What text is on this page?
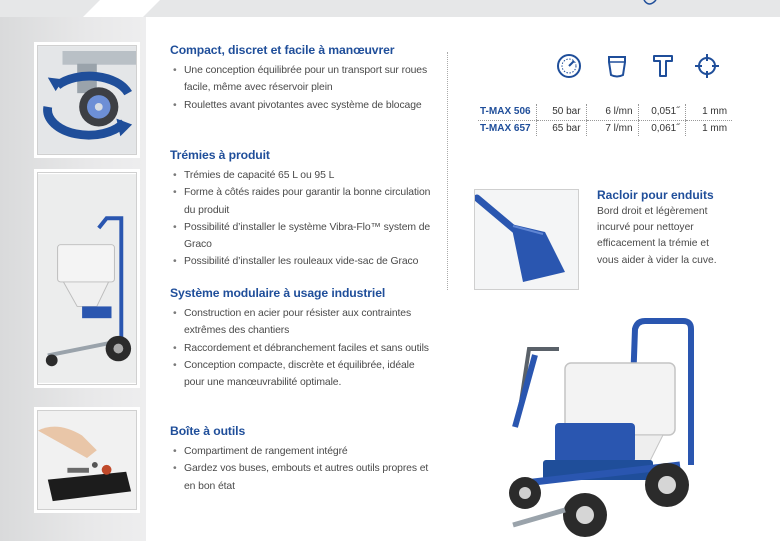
Compact, discret et facile à manœuvrer
• Une conception équilibrée pour un transport sur roues facile, même avec réservoir plein
• Roulettes avant pivotantes avec système de blocage
Trémies à produit
• Trémies de capacité 65 L ou 95 L
• Forme à côtés raides pour garantir la bonne circulation du produit
• Possibilité d’installer le système Vibra-Flo™ system de Graco
• Possibilité d’installer les rouleaux vide-sac de Graco
Système modulaire à usage industriel
• Construction en acier pour résister aux contraintes extrêmes des chantiers
• Raccordement et débranchement faciles et sans outils
• Conception compacte, discrète et équilibrée, idéale pour une manœuvrabilité optimale.
Boîte à outils
• Compartiment de rangement intégré
• Gardez vos buses, embouts et autres outils propres et en bon état
T-MAX 506	50 bar	6 l/mn	0,051˝	1 mm
T-MAX 657	65 bar	7 l/mn	0,061˝	1 mm
Racloir pour enduits
Bord droit et légèrement
incurvé pour nettoyer
efficacement la trémie et
vous aider à vider la cuve.
